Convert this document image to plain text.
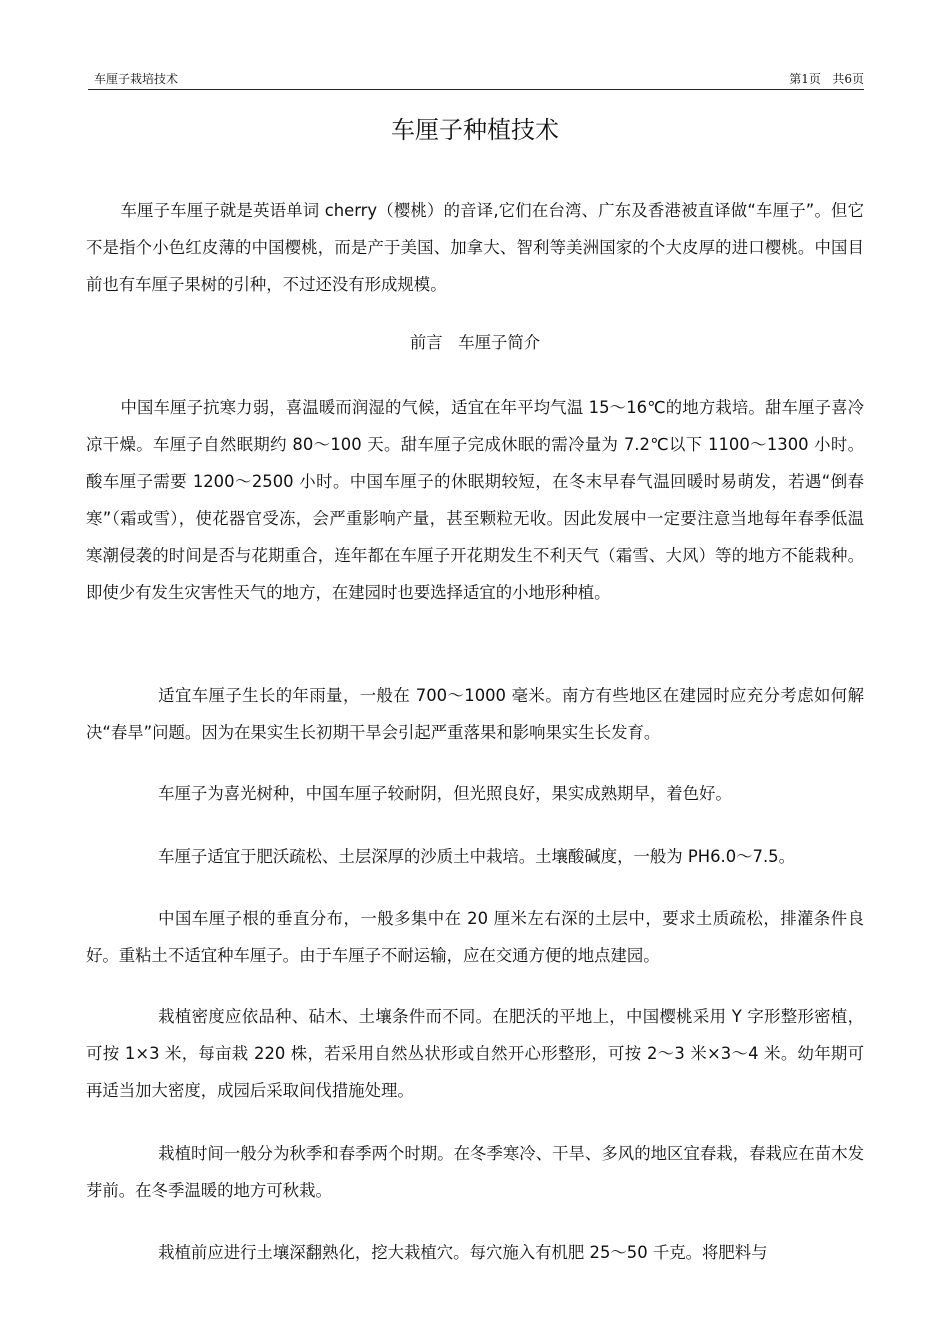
车厘子栽培技术	第1页   共6页
车厘子种植技术

车厘子车厘子就是英语单词 cherry（樱桃）的音译,它们在台湾、广东及香港被直译做“车厘子”。但它不是指个小色红皮薄的中国樱桃，而是产于美国、加拿大、智利等美洲国家的个大皮厚的进口樱桃。中国目前也有车厘子果树的引种，不过还没有形成规模。

前言   车厘子简介

中国车厘子抗寒力弱，喜温暖而润湿的气候，适宜在年平均气温 15～16℃的地方栽培。甜车厘子喜冷凉干燥。车厘子自然眠期约 80～100 天。甜车厘子完成休眠的需冷量为 7.2℃以下 1100～1300 小时。酸车厘子需要 1200～2500 小时。中国车厘子的休眠期较短，在冬末早春气温回暖时易萌发，若遇“倒春寒”（霜或雪），使花器官受冻，会严重影响产量，甚至颗粒无收。因此发展中一定要注意当地每年春季低温寒潮侵袭的时间是否与花期重合，连年都在车厘子开花期发生不利天气（霜雪、大风）等的地方不能栽种。即使少有发生灾害性天气的地方，在建园时也要选择适宜的小地形种植。

适宜车厘子生长的年雨量，一般在 700～1000 毫米。南方有些地区在建园时应充分考虑如何解决“春旱”问题。因为在果实生长初期干旱会引起严重落果和影响果实生长发育。

车厘子为喜光树种，中国车厘子较耐阴，但光照良好，果实成熟期早，着色好。

车厘子适宜于肥沃疏松、土层深厚的沙质土中栽培。土壤酸碱度，一般为 PH6.0～7.5。

中国车厘子根的垂直分布，一般多集中在 20 厘米左右深的土层中，要求土质疏松，排灌条件良好。重粘土不适宜种车厘子。由于车厘子不耐运输，应在交通方便的地点建园。

栽植密度应依品种、砧木、土壤条件而不同。在肥沃的平地上，中国樱桃采用 Y 字形整形密植，可按 1×3 米，每亩栽 220 株，若采用自然丛状形或自然开心形整形，可按 2～3 米×3～4 米。幼年期可再适当加大密度，成园后采取间伐措施处理。

栽植时间一般分为秋季和春季两个时期。在冬季寒冷、干旱、多风的地区宜春栽，春栽应在苗木发芽前。在冬季温暖的地方可秋栽。

栽植前应进行土壤深翻熟化，挖大栽植穴。每穴施入有机肥 25～50 千克。将肥料与
